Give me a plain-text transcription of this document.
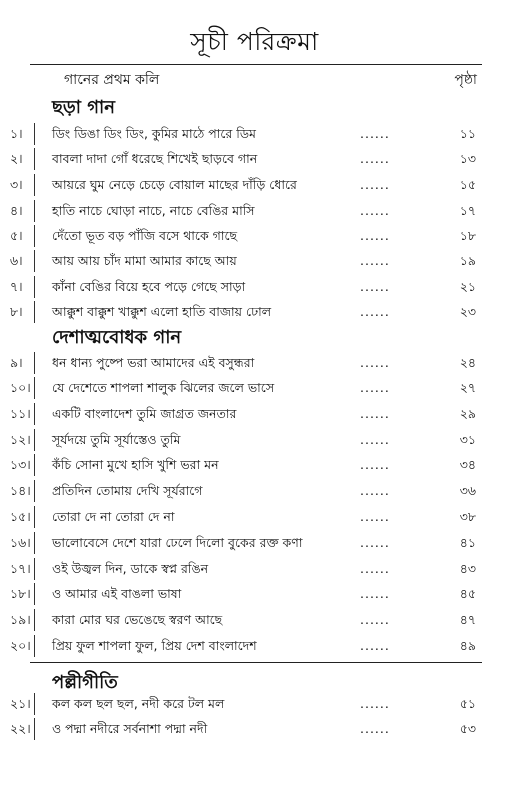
সূচী পরিক্রমা
গানের প্রথম কলি	পৃষ্ঠা
ছড়া গান
১। ডিং ডিঙা ডিং ডিং, কুমির মাঠে পারে ডিম	......	১১
২। বাবলা দাদা গোঁ ধরেছে শিখেই ছাড়বে গান	......	১৩
৩। আয়রে ঘুম নেড়ে চেড়ে বোয়াল মাছের দাঁড়ি ধোরে	......	১৫
৪। হাতি নাচে ঘোড়া নাচে, নাচে বেঙির মাসি	......	১৭
৫। দেঁতো ভূত বড় পাঁজি বসে থাকে গাছে	......	১৮
৬। আয় আয় চাঁদ মামা আমার কাছে আয়	......	১৯
৭। কাঁনা বেঙির বিয়ে হবে পড়ে গেছে সাড়া	......	২১
৮। আক্কুশ বাক্কুশ খাক্কুশ এলো হাতি বাজায় ঢোল	......	২৩
দেশাত্মবোধক গান
৯। ধন ধান্য পুষ্পে ভরা আমাদের এই বসুন্ধরা	......	২৪
১০। যে দেশেতে শাপলা শালুক ঝিলের জলে ভাসে	......	২৭
১১। একটি বাংলাদেশ তুমি জাগ্রত জনতার	......	২৯
১২। সূর্যদয়ে তুমি সূর্যাস্তেও তুমি	......	৩১
১৩। কঁচি সোনা মুখে হাসি খুশি ভরা মন	......	৩৪
১৪। প্রতিদিন তোমায় দেখি সূর্যরাগে	......	৩৬
১৫। তোরা দে না তোরা দে না	......	৩৮
১৬। ভালোবেসে দেশে যারা ঢেলে দিলো বুকের রক্ত কণা	......	৪১
১৭। ওই উজ্বল দিন, ডাকে স্বপ্ন রঙিন	......	৪৩
১৮। ও আমার এই বাঙলা ভাষা	......	৪৫
১৯। কারা মোর ঘর ভেঙেছে স্বরণ আছে	......	৪৭
২০। প্রিয় ফুল শাপলা ফুল, প্রিয় দেশ বাংলাদেশ	......	৪৯
পল্লীগীতি
২১। কল কল ছল ছল, নদী করে টল মল	......	৫১
২২। ও পদ্মা নদীরে সর্বনাশা পদ্মা নদী	......	৫৩
